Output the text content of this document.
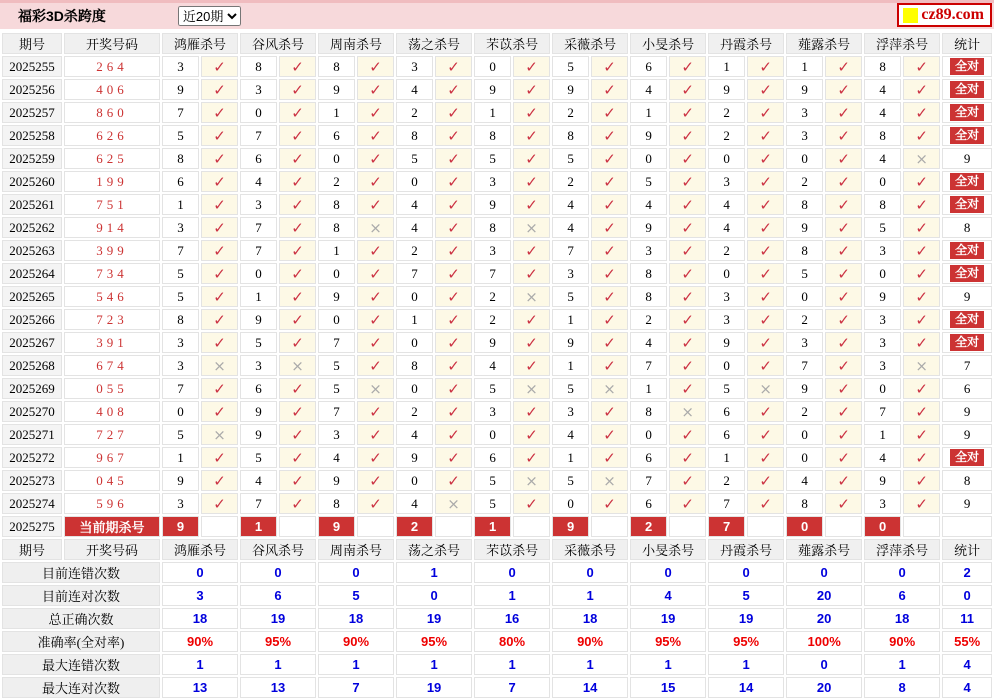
福彩3D杀跨度
近20期	cz89.com
期号	开奖号码	鸿雁杀号		谷风杀号		周南杀号		荡之杀号		芣苡杀号		采薇杀号		小旻杀号		丹霞杀号		薤露杀号		浮萍杀号		统计
2025255	264	3	✓	8	✓	8	✓	3	✓	0	✓	5	✓	6	✓	1	✓	1	✓	8	✓	全对
2025256	406	9	✓	3	✓	9	✓	4	✓	9	✓	9	✓	4	✓	9	✓	9	✓	4	✓	全对
2025257	860	7	✓	0	✓	1	✓	2	✓	1	✓	2	✓	1	✓	2	✓	3	✓	4	✓	全对
2025258	626	5	✓	7	✓	6	✓	8	✓	8	✓	8	✓	9	✓	2	✓	3	✓	8	✓	全对
2025259	625	8	✓	6	✓	0	✓	5	✓	5	✓	5	✓	0	✓	0	✓	0	✓	4	×	9
2025260	199	6	✓	4	✓	2	✓	0	✓	3	✓	2	✓	5	✓	3	✓	2	✓	0	✓	全对
2025261	751	1	✓	3	✓	8	✓	4	✓	9	✓	4	✓	4	✓	4	✓	8	✓	8	✓	全对
2025262	914	3	✓	7	✓	8	×	4	✓	8	×	4	✓	9	✓	4	✓	9	✓	5	✓	8
2025263	399	7	✓	7	✓	1	✓	2	✓	3	✓	7	✓	3	✓	2	✓	8	✓	3	✓	全对
2025264	734	5	✓	0	✓	0	✓	7	✓	7	✓	3	✓	8	✓	0	✓	5	✓	0	✓	全对
2025265	546	5	✓	1	✓	9	✓	0	✓	2	×	5	✓	8	✓	3	✓	0	✓	9	✓	9
2025266	723	8	✓	9	✓	0	✓	1	✓	2	✓	1	✓	2	✓	3	✓	2	✓	3	✓	全对
2025267	391	3	✓	5	✓	7	✓	0	✓	9	✓	9	✓	4	✓	9	✓	3	✓	3	✓	全对
2025268	674	3	×	3	×	5	✓	8	✓	4	✓	1	✓	7	✓	0	✓	7	✓	3	×	7
2025269	055	7	✓	6	✓	5	×	0	✓	5	×	5	×	1	✓	5	×	9	✓	0	✓	6
2025270	408	0	✓	9	✓	7	✓	2	✓	3	✓	3	✓	8	×	6	✓	2	✓	7	✓	9
2025271	727	5	×	9	✓	3	✓	4	✓	0	✓	4	✓	0	✓	6	✓	0	✓	1	✓	9
2025272	967	1	✓	5	✓	4	✓	9	✓	6	✓	1	✓	6	✓	1	✓	0	✓	4	✓	全对
2025273	045	9	✓	4	✓	9	✓	0	✓	5	×	5	×	7	✓	2	✓	4	✓	9	✓	8
2025274	596	3	✓	7	✓	8	✓	4	×	5	✓	0	✓	6	✓	7	✓	8	✓	3	✓	9
2025275	当前期杀号	9		1		9		2		1		9		2		7		0		0		
期号	开奖号码	鸿雁杀号		谷风杀号		周南杀号		荡之杀号		芣苡杀号		采薇杀号		小旻杀号		丹霞杀号		薤露杀号		浮萍杀号		统计
目前连错次数		0		0		0		1		0		0		0		0		0		0		2
目前连对次数		3		6		5		0		1		1		4		5		20		6		0
总正确次数		18		19		18		19		16		18		19		19		20		18		11
准确率(全对率)		90%		95%		90%		95%		80%		90%		95%		95%		100%		90%		55%
最大连错次数		1		1		1		1		1		1		1		1		0		1		4
最大连对次数		13		13		7		19		7		14		15		14		20		8		4
